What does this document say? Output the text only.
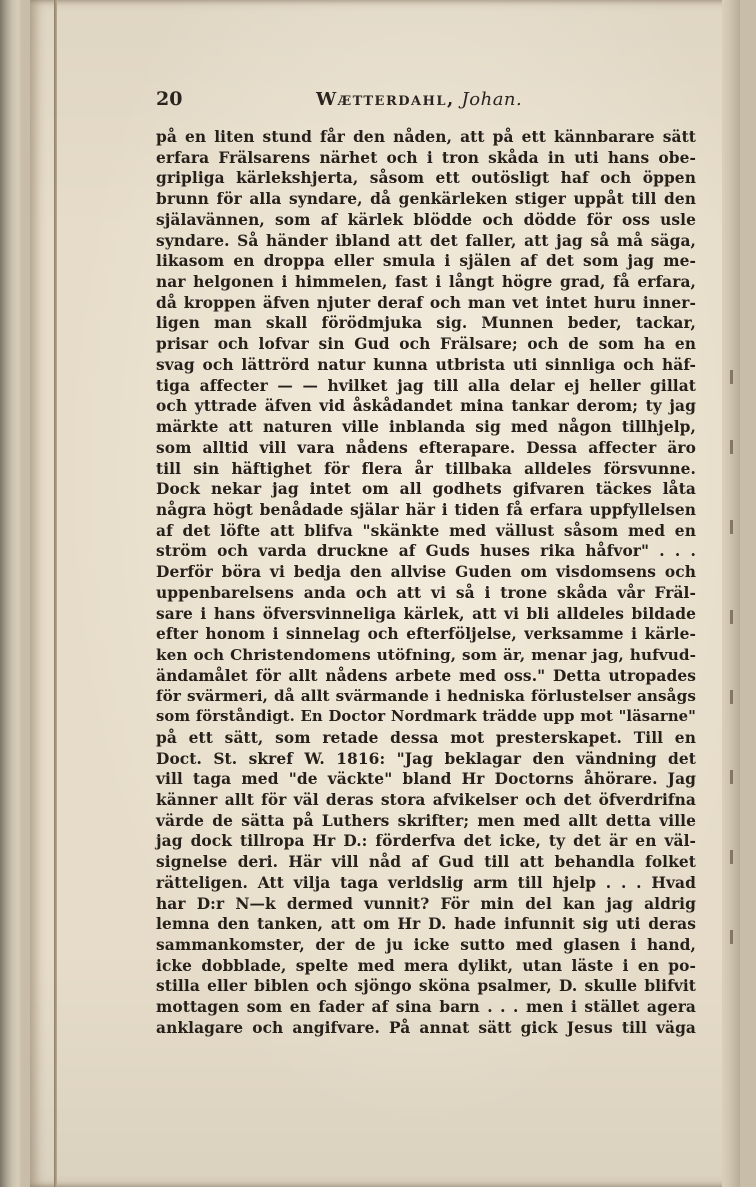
20	Wætterdahl, Johan.
på en liten stund får den nåden, att på ett kännbarare sätt
erfara Frälsarens närhet och i tron skåda in uti hans obe-
gripliga kärlekshjerta, såsom ett outösligt haf och öppen
brunn för alla syndare, då genkärleken stiger uppåt till den
själavännen, som af kärlek blödde och dödde för oss usle
syndare. Så händer ibland att det faller, att jag så må säga,
likasom en droppa eller smula i själen af det som jag me-
nar helgonen i himmelen, fast i långt högre grad, få erfara,
då kroppen äfven njuter deraf och man vet intet huru inner-
ligen man skall förödmjuka sig. Munnen beder, tackar,
prisar och lofvar sin Gud och Frälsare; och de som ha en
svag och lättrörd natur kunna utbrista uti sinnliga och häf-
tiga affecter — — hvilket jag till alla delar ej heller gillat
och yttrade äfven vid åskådandet mina tankar derom; ty jag
märkte att naturen ville inblanda sig med någon tillhjelp,
som alltid vill vara nådens efterapare. Dessa affecter äro
till sin häftighet för flera år tillbaka alldeles försvunne.
Dock nekar jag intet om all godhets gifvaren täckes låta
några högt benådade själar här i tiden få erfara uppfyllelsen
af det löfte att blifva "skänkte med vällust såsom med en
ström och varda druckne af Guds huses rika håfvor" . . .
Derför böra vi bedja den allvise Guden om visdomsens och
uppenbarelsens anda och att vi så i trone skåda vår Fräl-
sare i hans öfversvinneliga kärlek, att vi bli alldeles bildade
efter honom i sinnelag och efterföljelse, verksamme i kärle-
ken och Christendomens utöfning, som är, menar jag, hufvud-
ändamålet för allt nådens arbete med oss." Detta utropades
för svärmeri, då allt svärmande i hedniska förlustelser ansågs
som förståndigt. En Doctor Nordmark trädde upp mot "läsarne"
på ett sätt, som retade dessa mot presterskapet. Till en
Doct. St. skref W. 1816: "Jag beklagar den vändning det
vill taga med "de väckte" bland Hr Doctorns åhörare. Jag
känner allt för väl deras stora afvikelser och det öfverdrifna
värde de sätta på Luthers skrifter; men med allt detta ville
jag dock tillropa Hr D.: förderfva det icke, ty det är en väl-
signelse deri. Här vill nåd af Gud till att behandla folket
rätteligen. Att vilja taga verldslig arm till hjelp . . . Hvad
har D:r N—k dermed vunnit? För min del kan jag aldrig
lemna den tanken, att om Hr D. hade infunnit sig uti deras
sammankomster, der de ju icke sutto med glasen i hand,
icke dobblade, spelte med mera dylikt, utan läste i en po-
stilla eller biblen och sjöngo sköna psalmer, D. skulle blifvit
mottagen som en fader af sina barn . . . men i stället agera
anklagare och angifvare. På annat sätt gick Jesus till väga
